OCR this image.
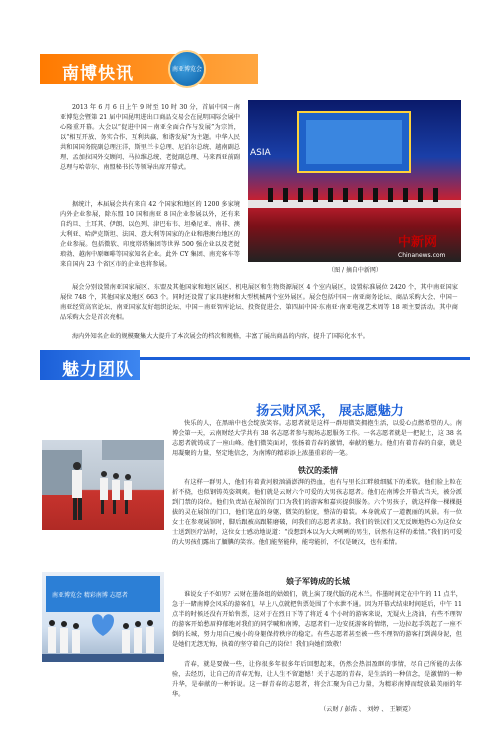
南博快讯	南亚博览会

2013 年 6 月 6 日上午 9 时至 10 时 30 分，首届中国－南亚博览会暨第 21 届中国昆明进出口商品交易会在昆明国际会展中心隆重开幕。大会以“促进中国－南亚全面合作与发展”为宗旨，以“相互开放、务实合作、互利共赢、和谐发展”为主题。中华人民共和国国务院副总理汪洋，斯里兰卡总理、尼泊尔总统、越南副总理、孟加拉国外交顾问、马拉维总统、老挝副总理、马来西亚前副总理与哈蒂尔、南盟秘书长等领导出席开幕式。

据统计，本届展会共有来自 42 个国家和地区的 1200 多家境内外企业参展，除东盟 10 国和南亚 8 国企业参展以外，还有来自约旦、土耳其、伊朗、以色列、津巴布韦、坦桑尼亚、南非、澳大利亚、哈萨克斯坦、法国、意大利等国家的企业和港澳台地区的企业参展。包括微软、印度塔塔集团等世界 500 强企业以及老挝琅勃、越南中原咖啡等国家知名企业。此外 CY 集团、南充客车等来自国内 23 个省区市的企业也将参展。

ASIA
中新网
Chinanews.com
（图 / 摘自中新网）

展会分别设置南亚国家展区、东盟及其他国家和地区展区、机电展区和生物资源展区 4 个室内展区，设置标准展位 2420 个，其中南亚国家展位 748 个，其他国家及地区 663 个。同时还设置了家具建材和大型机械两个室外展区。展会包括中国－南亚商务论坛、商品采购大会、中国－南亚经贸高官论坛、南亚国家友好组织论坛、中国－南亚智库论坛、投资促进会、第四届中国·东南亚·南亚电视艺术周等 18 项主要活动。其中商品采购大会是首次亮相。

海内外知名企业的规模聚集大大提升了本次展会的档次和规格，丰富了展出商品的内容，提升了国际化水平。

魅力团队
扬云财风采， 展志愿魅力

快乐的人，在黑暗中也会绽放笑容。志愿者就是这样一群用微笑拥抱生活，以爱心点燃希望的人。南博会第一天，云南财经大学共有 38 名志愿者参与现场志愿服务工作。一名志愿者就是一把泥土，这 38 名志愿者就铸成了一座山峰。他们微笑面对，张扬着青春的激情，奉献的魅力。他们有着青春的自豪，就是用凝聚的力量，坚定地信念，为南博的精彩添上浓墨重彩的一笔。

铁汉的柔情

有这样一群男人，他们有着黄河般汹涌澎湃的热血，也有与里长江畔般细腻下的柔软。他们脸上粒在折不挠，也似钢铸英姿飒爽。他们就是云财六个可爱的大男孩志愿者。他们在南博会开幕式当天，被分派到门禁的岗位。他们负责站在展馆的门口为我们的游客和嘉宾提供服务。六个男孩子，就这样像一棵棵挺拔的灵在展馆的门口，他们笔直的身躯，微笑的脸庞，整洁的着装。本身就成了一道靓丽的风景。有一位女士在参观展馆时，脚后跟被高跟鞋磨破，问我们的志愿者求助。我们的铁汉们又无反顾地热心为这位女士送到医疗站时，这位女士感动地说道：“没想到本以为大大咧咧的男生，居然有这样的柔情。”我们的可爱的大男孩们露出了腼腆的笑容。他们能坚能伸，能弯能折，不仅是硬汉，也有柔情。

娘子军铸成的长城
南亚博览会 精彩南博 志愿者	谁说女子不如男？云财在墨备组的姑娘们，就上演了现代版的花木兰。作墨时间定在中午的 11 点半，急于一睹南博会风采的游客们，早上八点就把售票处围了个水泄不通。因为开幕式结束时间延后，中午 11 点半的时候还没有开始售票，这对于在烈日下等了将近 4 个小时的游客来说，无疑火上浇油，有些不理智的游客开始愁眉抑郁地对我们的同学喊和南博，志愿者们一边安抚游客的情绪，一边拉起手筑起了一座不倒的长城，努力用自己瘦小的身躯保持秩序的稳定。有些志愿者甚至被一些不理智的游客打到满身泥，但是她们无怨无悔，执着的坚守着自己的岗位！我们向她们致敬！

青春，就是要做一些，让你很多年很多年后回想起来，仍然会热泪盈眶的事情，尽自己所能的去体验，去经历，让自己的青春无悔，让人生不留遗憾！关于志愿的青春，是生活的一种信念，是激情的一种升华，是奉献的一种诉说。这一群青春的志愿者，将会汇聚为自己力量，为精彩南博而绽放最美丽的年华。

（云财 / 彭浩 、 刘婷 、 王颖霓）
